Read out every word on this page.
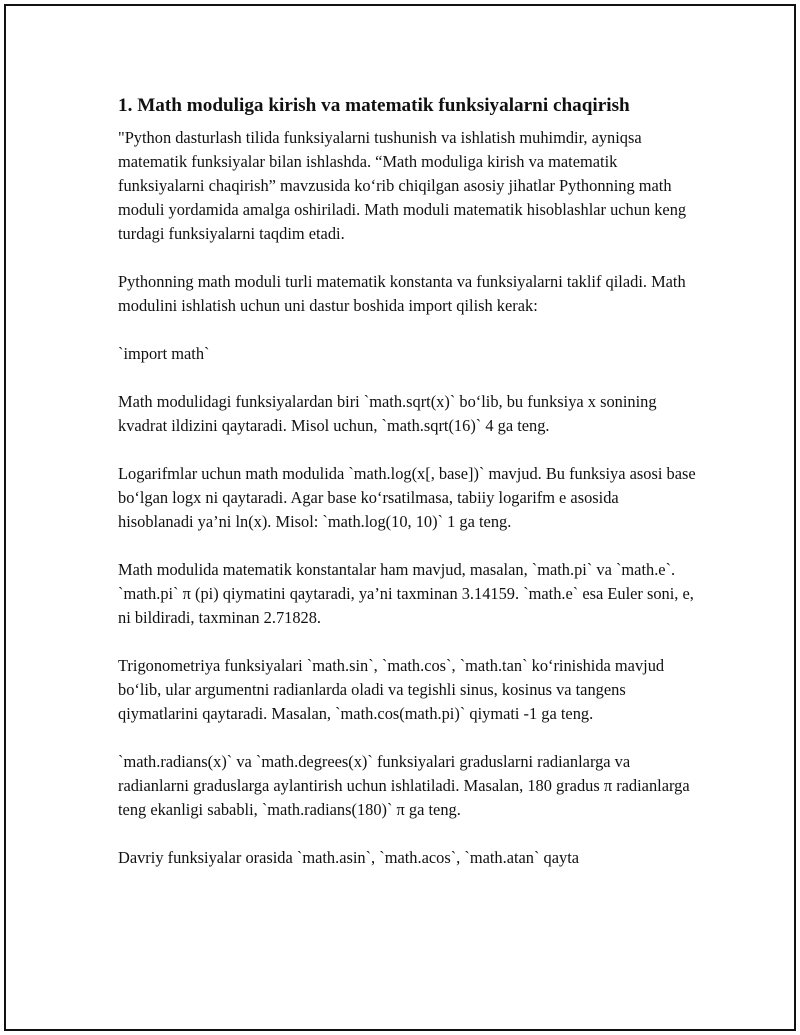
1. Math moduliga kirish va matematik funksiyalarni chaqirish

"Python dasturlash tilida funksiyalarni tushunish va ishlatish muhimdir, ayniqsa matematik funksiyalar bilan ishlashda. “Math moduliga kirish va matematik funksiyalarni chaqirish” mavzusida ko‘rib chiqilgan asosiy jihatlar Pythonning math moduli yordamida amalga oshiriladi. Math moduli matematik hisoblashlar uchun keng turdagi funksiyalarni taqdim etadi.

Pythonning math moduli turli matematik konstanta va funksiyalarni taklif qiladi. Math modulini ishlatish uchun uni dastur boshida import qilish kerak:

`import math`

Math modulidagi funksiyalardan biri `math.sqrt(x)` bo‘lib, bu funksiya x sonining kvadrat ildizini qaytaradi. Misol uchun, `math.sqrt(16)` 4 ga teng.

Logarifmlar uchun math modulida `math.log(x[, base])` mavjud. Bu funksiya asosi base bo‘lgan logx ni qaytaradi. Agar base ko‘rsatilmasa, tabiiy logarifm e asosida hisoblanadi ya’ni ln(x). Misol: `math.log(10, 10)` 1 ga teng.

Math modulida matematik konstantalar ham mavjud, masalan, `math.pi` va `math.e`. `math.pi` π (pi) qiymatini qaytaradi, ya’ni taxminan 3.14159. `math.e` esa Euler soni, e, ni bildiradi, taxminan 2.71828.

Trigonometriya funksiyalari `math.sin`, `math.cos`, `math.tan` ko‘rinishida mavjud bo‘lib, ular argumentni radianlarda oladi va tegishli sinus, kosinus va tangens qiymatlarini qaytaradi. Masalan, `math.cos(math.pi)` qiymati -1 ga teng.

`math.radians(x)` va `math.degrees(x)` funksiyalari graduslarni radianlarga va radianlarni graduslarga aylantirish uchun ishlatiladi. Masalan, 180 gradus π radianlarga teng ekanligi sababli, `math.radians(180)` π ga teng.

Davriy funksiyalar orasida `math.asin`, `math.acos`, `math.atan` qayta
